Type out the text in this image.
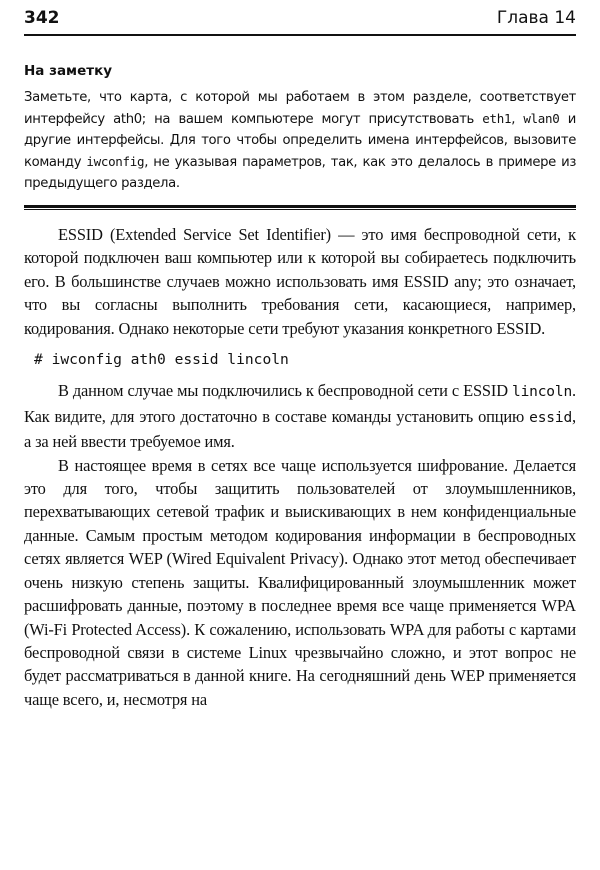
342	Глава 14

На заметку

Заметьте, что карта, с которой мы работаем в этом разделе, соответствует интерфейсу ath0; на вашем компьютере могут присутствовать eth1, wlan0 и другие интерфейсы. Для того чтобы определить имена интерфейсов, вызовите команду iwconfig, не указывая параметров, так, как это делалось в примере из предыдущего раздела.

ESSID (Extended Service Set Identifier) — это имя беспроводной сети, к которой подключен ваш компьютер или к которой вы собираетесь подключить его. В большинстве случаев можно использовать имя ESSID any; это означает, что вы согласны выполнить требования сети, касающиеся, например, кодирования. Однако некоторые сети требуют указания конкретного ESSID.

# iwconfig ath0 essid lincoln

В данном случае мы подключились к беспроводной сети с ESSID lincoln. Как видите, для этого достаточно в составе команды установить опцию essid, а за ней ввести требуемое имя.

В настоящее время в сетях все чаще используется шифрование. Делается это для того, чтобы защитить пользователей от злоумышленников, перехватывающих сетевой трафик и выискивающих в нем конфиденциальные данные. Самым простым методом кодирования информации в беспроводных сетях является WEP (Wired Equivalent Privacy). Однако этот метод обеспечивает очень низкую степень защиты. Квалифицированный злоумышленник может расшифровать данные, поэтому в последнее время все чаще применяется WPA (Wi-Fi Protected Access). К сожалению, использовать WPA для работы с картами беспроводной связи в системе Linux чрезвычайно сложно, и этот вопрос не будет рассматриваться в данной книге. На сегодняшний день WEP применяется чаще всего, и, несмотря на
